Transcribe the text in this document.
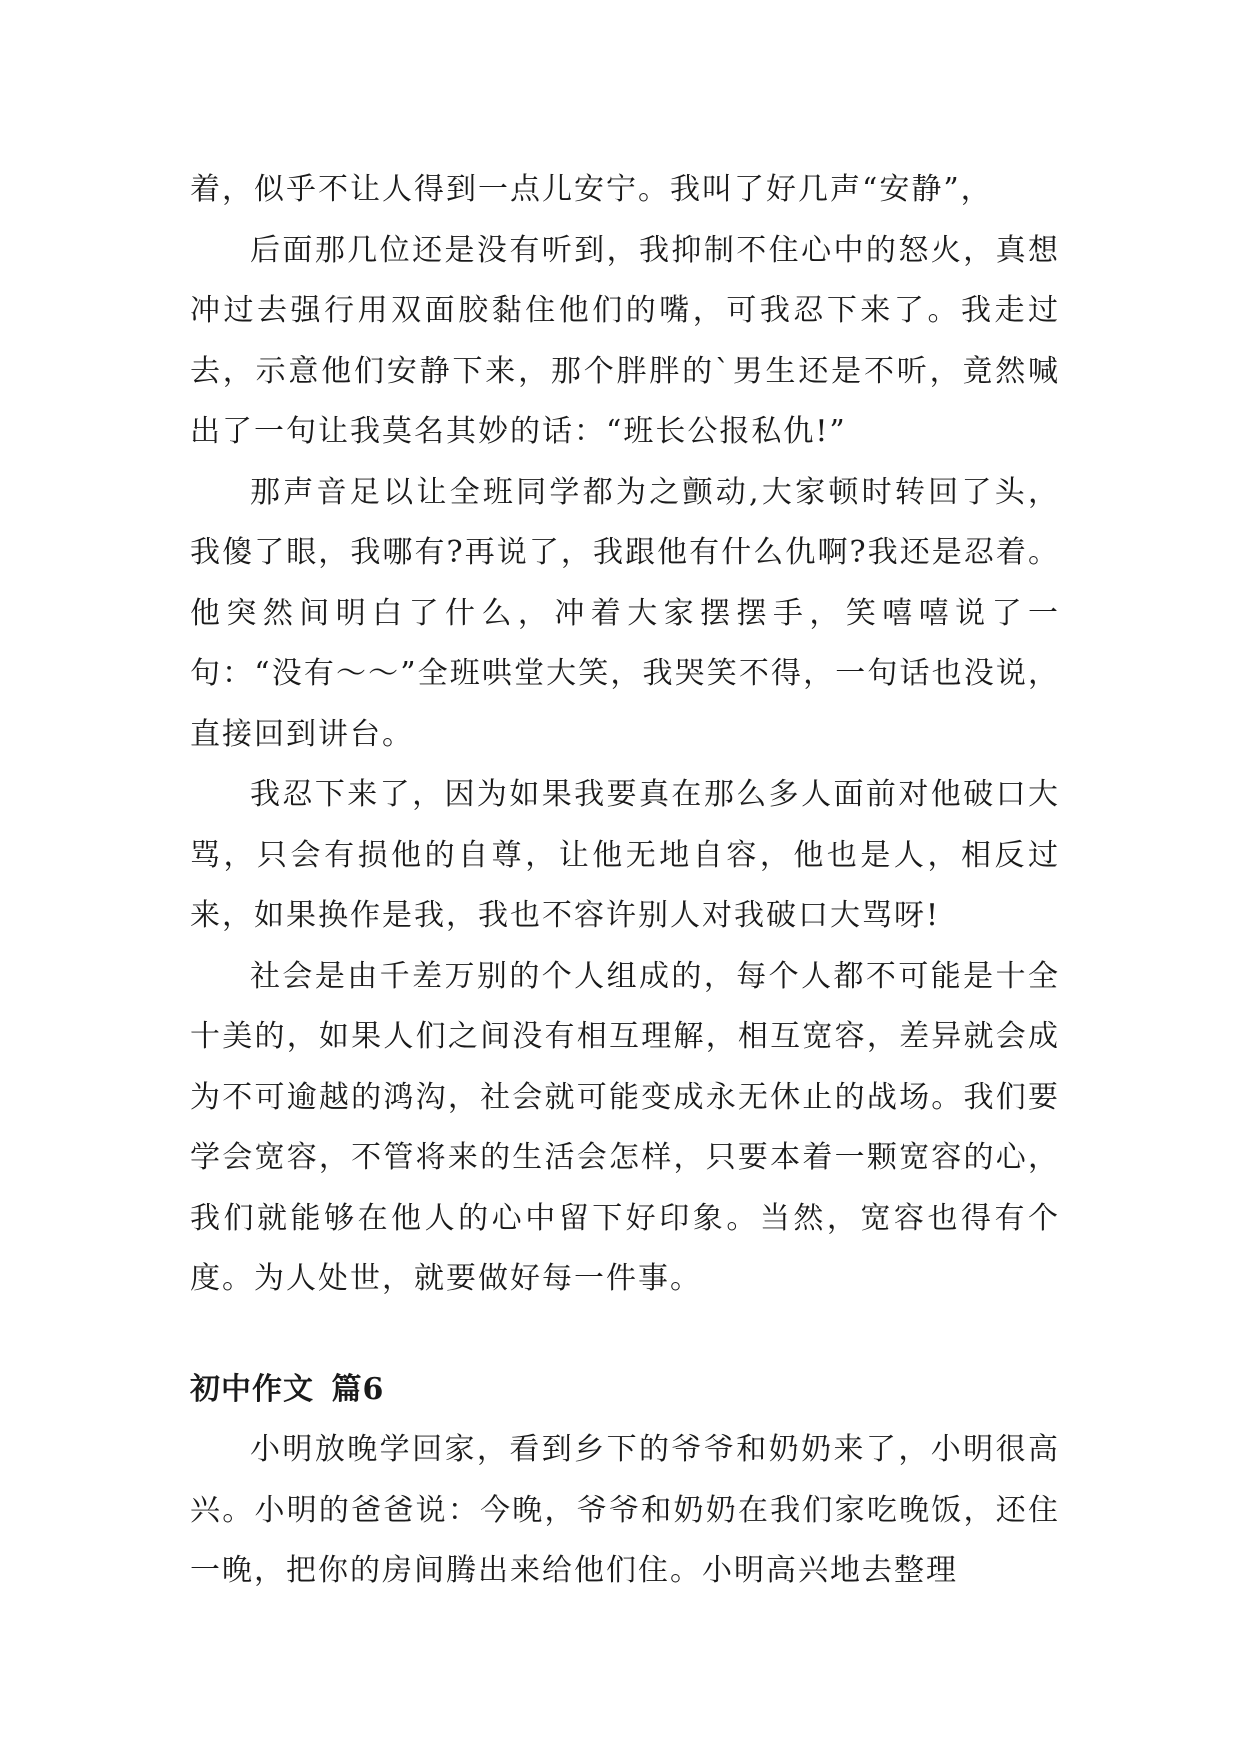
着，似乎不让人得到一点儿安宁。我叫了好几声“安静”，

后面那几位还是没有听到，我抑制不住心中的怒火，真想冲过去强行用双面胶黏住他们的嘴，可我忍下来了。我走过去，示意他们安静下来，那个胖胖的`男生还是不听，竟然喊出了一句让我莫名其妙的话：“班长公报私仇!”

那声音足以让全班同学都为之颤动,大家顿时转回了头，我傻了眼，我哪有?再说了，我跟他有什么仇啊?我还是忍着。他突然间明白了什么，冲着大家摆摆手，笑嘻嘻说了一句：“没有～～”全班哄堂大笑，我哭笑不得，一句话也没说，直接回到讲台。

我忍下来了，因为如果我要真在那么多人面前对他破口大骂，只会有损他的自尊，让他无地自容，他也是人，相反过来，如果换作是我，我也不容许别人对我破口大骂呀!

社会是由千差万别的个人组成的，每个人都不可能是十全十美的，如果人们之间没有相互理解，相互宽容，差异就会成为不可逾越的鸿沟，社会就可能变成永无休止的战场。我们要学会宽容，不管将来的生活会怎样，只要本着一颗宽容的心，我们就能够在他人的心中留下好印象。当然，宽容也得有个度。为人处世，就要做好每一件事。

初中作文 篇6

小明放晚学回家，看到乡下的爷爷和奶奶来了，小明很高兴。小明的爸爸说：今晚，爷爷和奶奶在我们家吃晚饭，还住一晚，把你的房间腾出来给他们住。小明高兴地去整理
